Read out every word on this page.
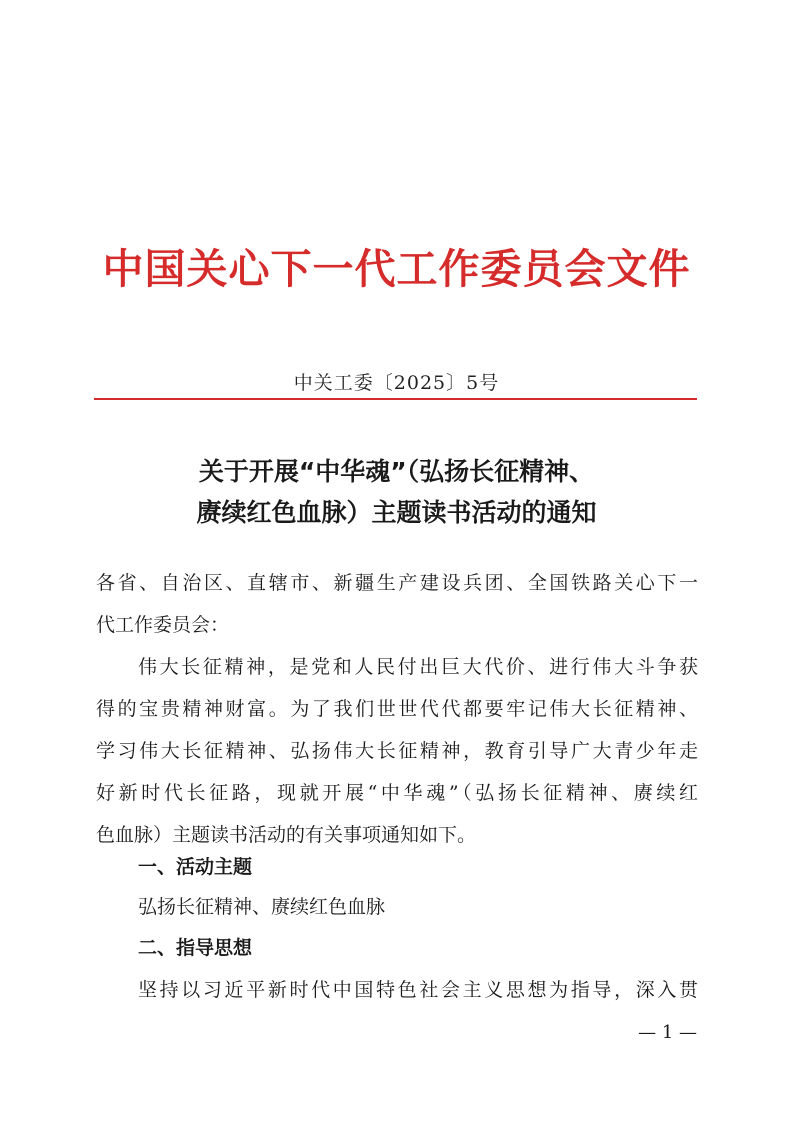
中国关心下一代工作委员会文件
中关工委〔2025〕5号
关于开展“中华魂”（弘扬长征精神、
赓续红色血脉）主题读书活动的通知
各省、自治区、直辖市、新疆生产建设兵团、全国铁路关心下一
代工作委员会：
伟大长征精神，是党和人民付出巨大代价、进行伟大斗争获
得的宝贵精神财富。为了我们世世代代都要牢记伟大长征精神、
学习伟大长征精神、弘扬伟大长征精神，教育引导广大青少年走
好新时代长征路，现就开展“中华魂”（弘扬长征精神、赓续红
色血脉）主题读书活动的有关事项通知如下。
一、活动主题
弘扬长征精神、赓续红色血脉
二、指导思想
坚持以习近平新时代中国特色社会主义思想为指导，深入贯
— 1 —
